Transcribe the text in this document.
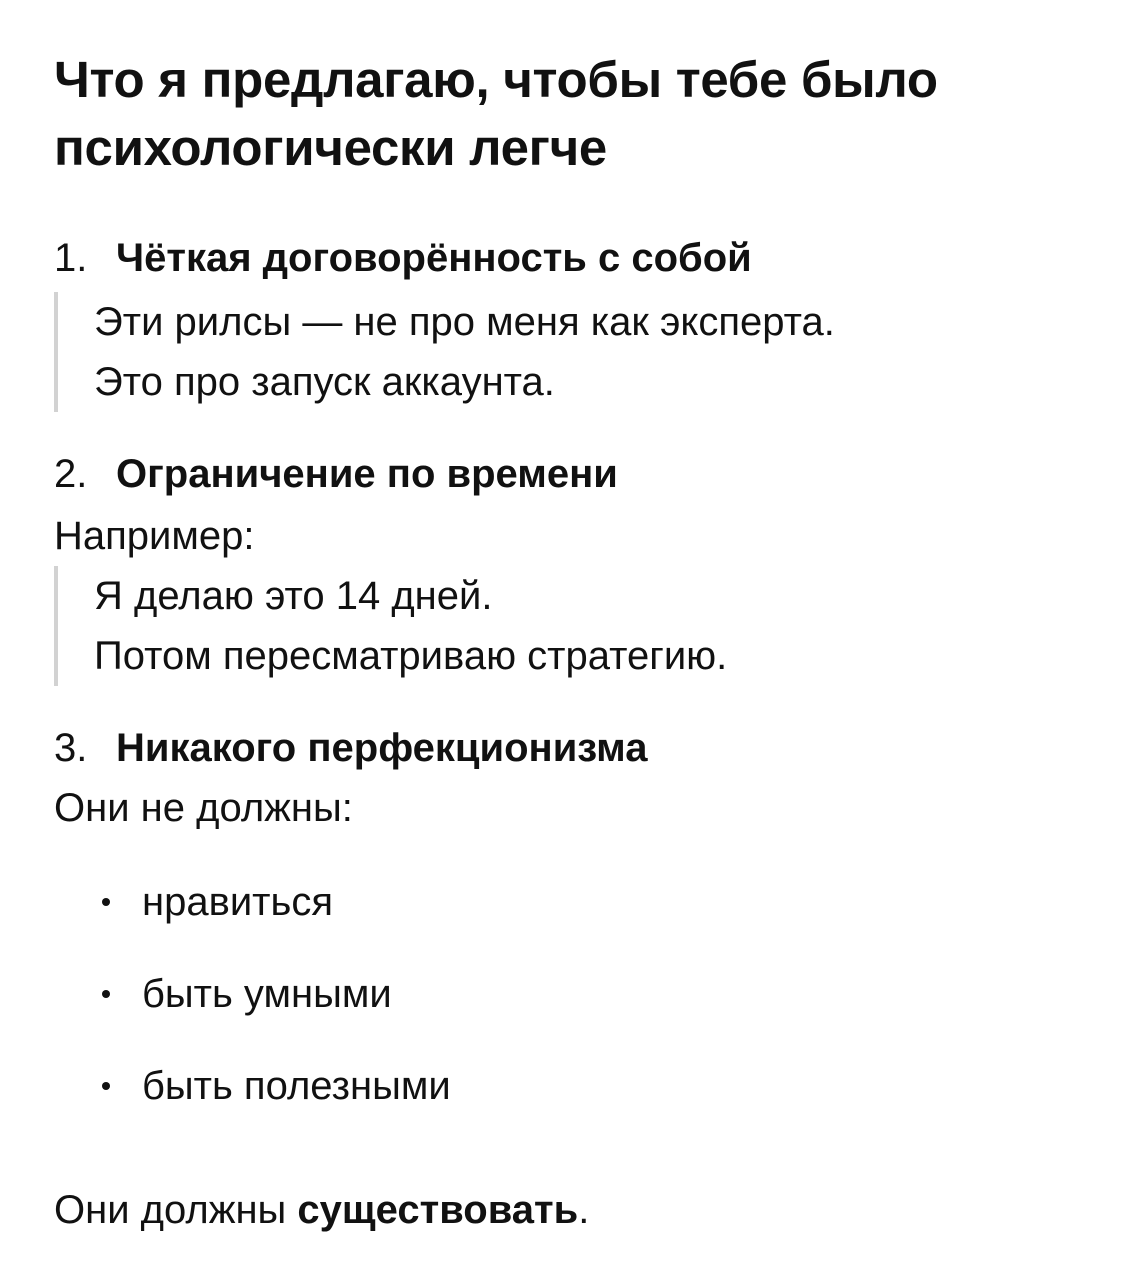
Что я предлагаю, чтобы тебе было психологически легче
1. Чёткая договорённость с собой
Эти рилсы — не про меня как эксперта.
Это про запуск аккаунта.
2. Ограничение по времени
Например:
Я делаю это 14 дней.
Потом пересматриваю стратегию.
3. Никакого перфекционизма
Они не должны:
нравиться
быть умными
быть полезными
Они должны существовать.
